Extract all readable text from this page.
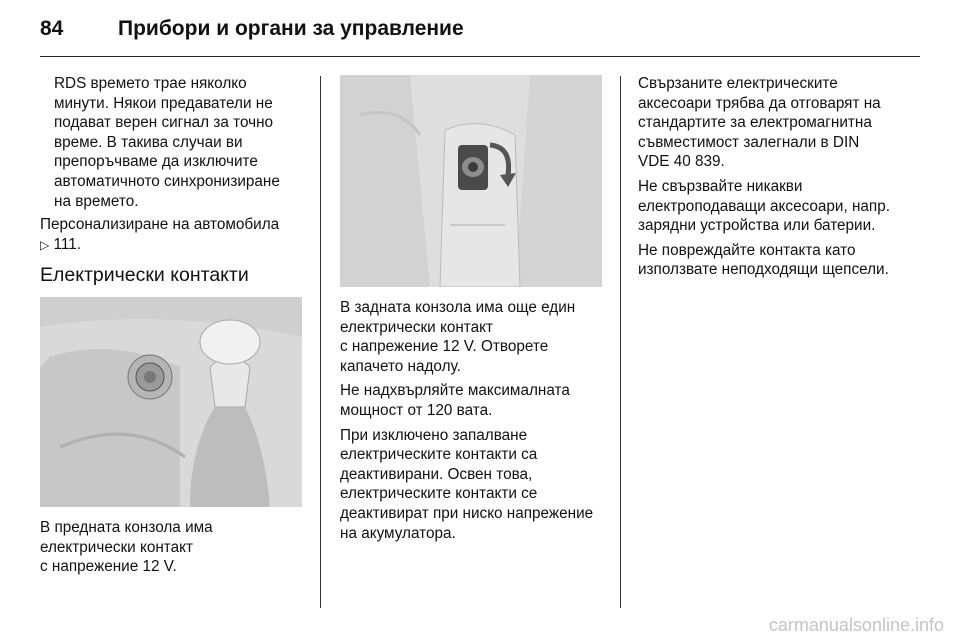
84	Прибори и органи за управление
RDS времето трае няколко
минути. Някои предаватели не
подават верен сигнал за точно
време. В такива случаи ви
препоръчваме да изключите
автоматичното синхронизиране
на времето.
Персонализиране на автомобила
▷ 111.
Електрически контакти
В предната конзола има
електрически контакт
с напрежение 12 V.

В задната конзола има още един
електрически контакт
с напрежение 12 V. Отворете
капачето надолу.

Не надхвърляйте максималната
мощност от 120 вата.

При изключено запалване
електрическите контакти са
деактивирани. Освен това,
електрическите контакти се
деактивират при ниско напрежение
на акумулатора.

Свързаните електрическите
аксесоари трябва да отговарят на
стандартите за електромагнитна
съвместимост залегнали в DIN
VDE 40 839.

Не свързвайте никакви
електроподаващи аксесоари, напр.
зарядни устройства или батерии.

Не повреждайте контакта като
използвате неподходящи щепсели.

carmanualsonline.info
